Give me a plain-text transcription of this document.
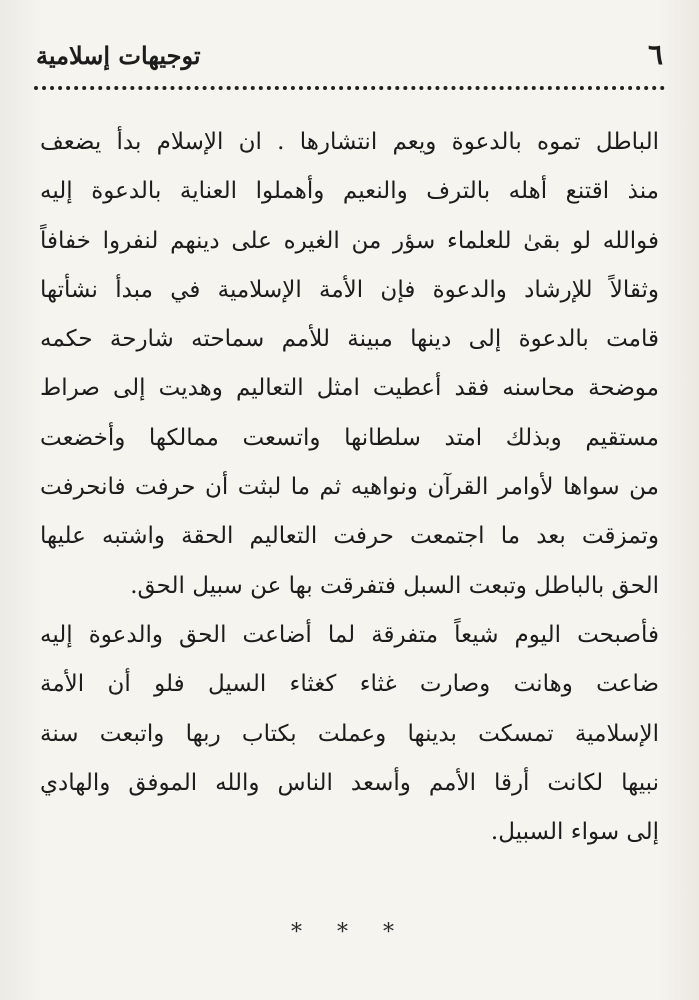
٦
توجيهات إسلامية
الباطل تموه بالدعوة ويعم انتشارها . ان الإسلام بدأ يضعف
منذ اقتنع أهله بالترف والنعيم وأهملوا العناية بالدعوة إليه
فوالله لو بقىٰ للعلماء سؤر من الغيره على دينهم لنفروا خفافاً
وثقالاً للإرشاد والدعوة فإن الأمة الإسلامية في مبدأ نشأتها
قامت بالدعوة إلى دينها مبينة للأمم سماحته شارحة حكمه
موضحة محاسنه فقد أعطيت امثل التعاليم وهديت إلى صراط
مستقيم وبذلك امتد سلطانها واتسعت ممالكها وأخضعت
من سواها لأوامر القرآن ونواهيه ثم ما لبثت أن حرفت فانحرفت
وتمزقت بعد ما اجتمعت حرفت التعاليم الحقة واشتبه عليها
الحق بالباطل وتبعت السبل فتفرقت بها عن سبيل الحق.
فأصبحت اليوم شيعاً متفرقة لما أضاعت الحق والدعوة إليه
ضاعت وهانت وصارت غثاء كغثاء السيل فلو أن الأمة
الإسلامية تمسكت بدينها وعملت بكتاب ربها واتبعت سنة
نبيها لكانت أرقا الأمم وأسعد الناس والله الموفق والهادي
إلى سواء السبيل.
* * *
